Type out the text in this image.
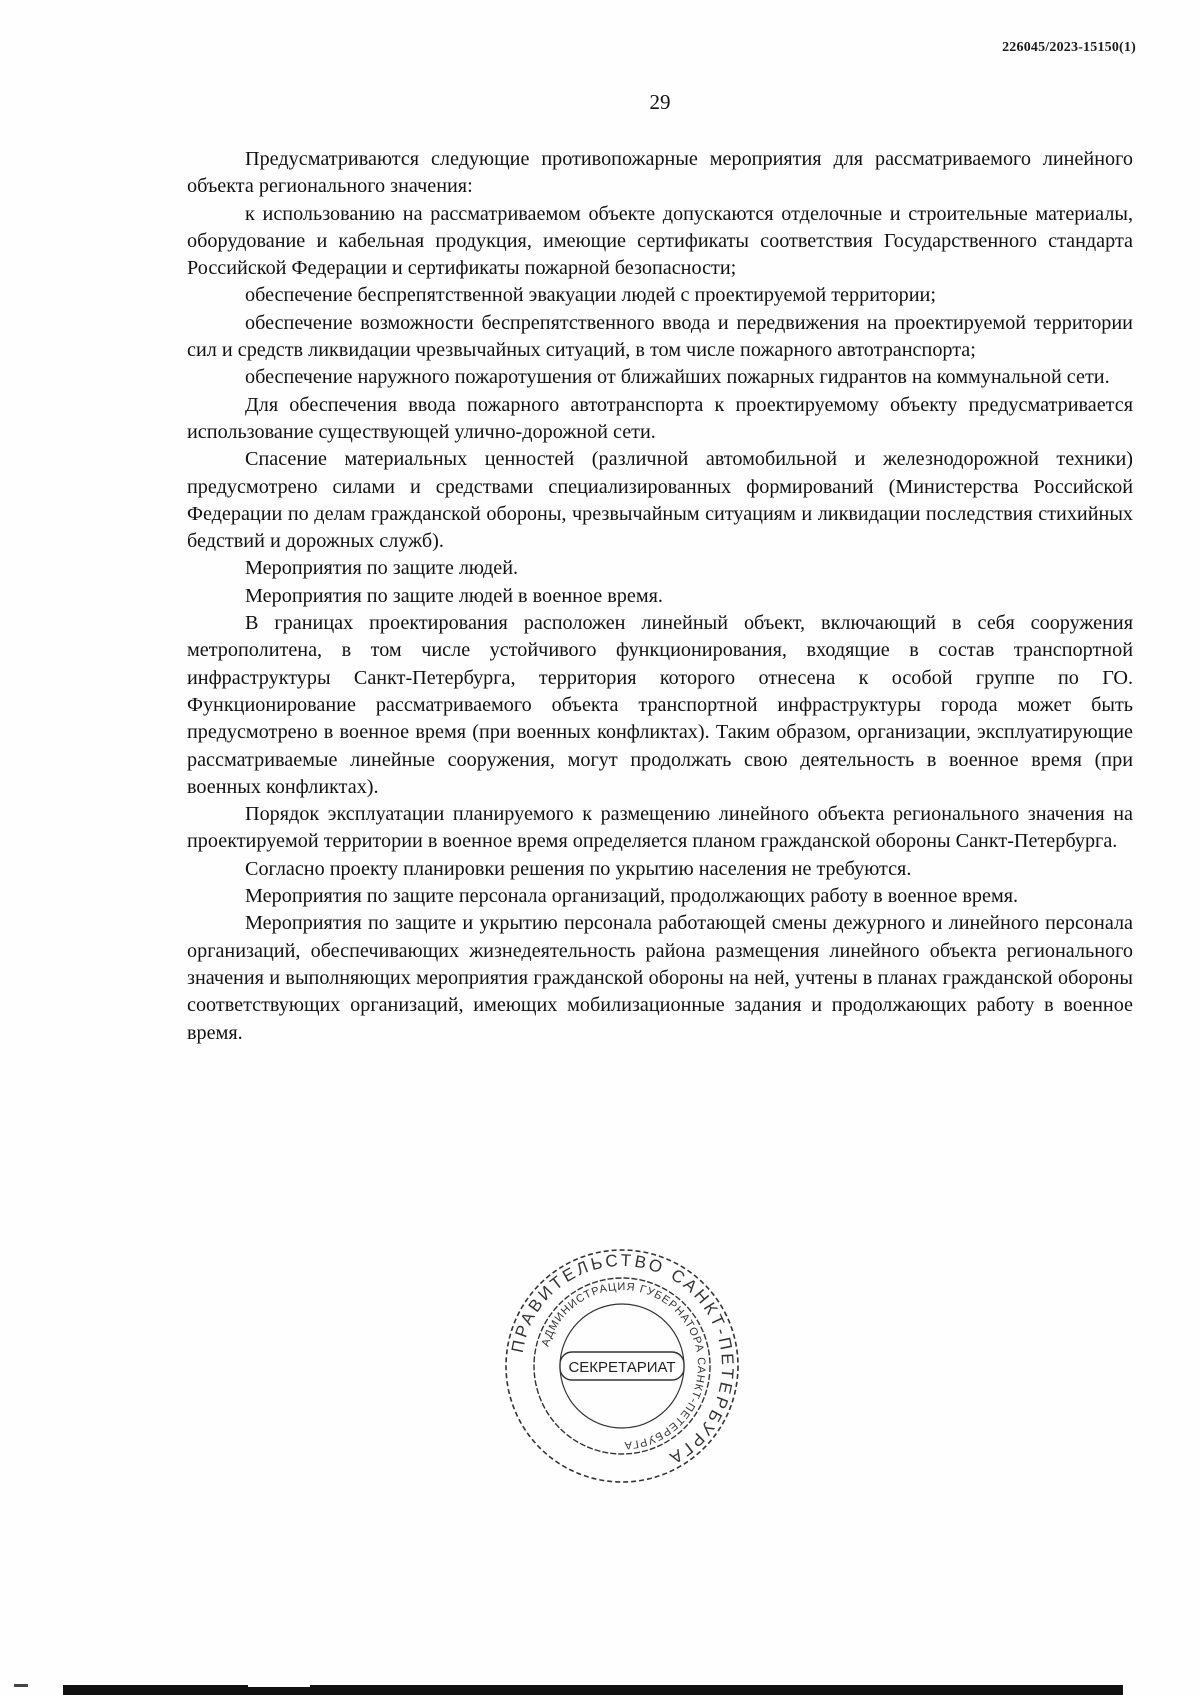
226045/2023-15150(1)
29

Предусматриваются следующие противопожарные мероприятия для рассматриваемого линейного объекта регионального значения:

к использованию на рассматриваемом объекте допускаются отделочные и строительные материалы, оборудование и кабельная продукция, имеющие сертификаты соответствия Государственного стандарта Российской Федерации и сертификаты пожарной безопасности;

обеспечение беспрепятственной эвакуации людей с проектируемой территории;

обеспечение возможности беспрепятственного ввода и передвижения на проектируемой территории сил и средств ликвидации чрезвычайных ситуаций, в том числе пожарного автотранспорта;

обеспечение наружного пожаротушения от ближайших пожарных гидрантов на коммунальной сети.

Для обеспечения ввода пожарного автотранспорта к проектируемому объекту предусматривается использование существующей улично-дорожной сети.

Спасение материальных ценностей (различной автомобильной и железнодорожной техники) предусмотрено силами и средствами специализированных формирований (Министерства Российской Федерации по делам гражданской обороны, чрезвычайным ситуациям и ликвидации последствия стихийных бедствий и дорожных служб).

Мероприятия по защите людей.

Мероприятия по защите людей в военное время.

В границах проектирования расположен линейный объект, включающий в себя сооружения метрополитена, в том числе устойчивого функционирования, входящие в состав транспортной инфраструктуры Санкт-Петербурга, территория которого отнесена к особой группе по ГО. Функционирование рассматриваемого объекта транспортной инфраструктуры города может быть предусмотрено в военное время (при военных конфликтах). Таким образом, организации, эксплуатирующие рассматриваемые линейные сооружения, могут продолжать свою деятельность в военное время (при военных конфликтах).

Порядок эксплуатации планируемого к размещению линейного объекта регионального значения на проектируемой территории в военное время определяется планом гражданской обороны Санкт-Петербурга.

Согласно проекту планировки решения по укрытию населения не требуются.

Мероприятия по защите персонала организаций, продолжающих работу в военное время.

Мероприятия по защите и укрытию персонала работающей смены дежурного и линейного персонала организаций, обеспечивающих жизнедеятельность района размещения линейного объекта регионального значения и выполняющих мероприятия гражданской обороны на ней, учтены в планах гражданской обороны соответствующих организаций, имеющих мобилизационные задания и продолжающих работу в военное время.

ПРАВИТЕЛЬСТВО САНКТ-ПЕТЕРБУРГА
АДМИНИСТРАЦИЯ ГУБЕРНАТОРА САНКТ-ПЕТЕРБУРГА
СЕКРЕТАРИАТ
